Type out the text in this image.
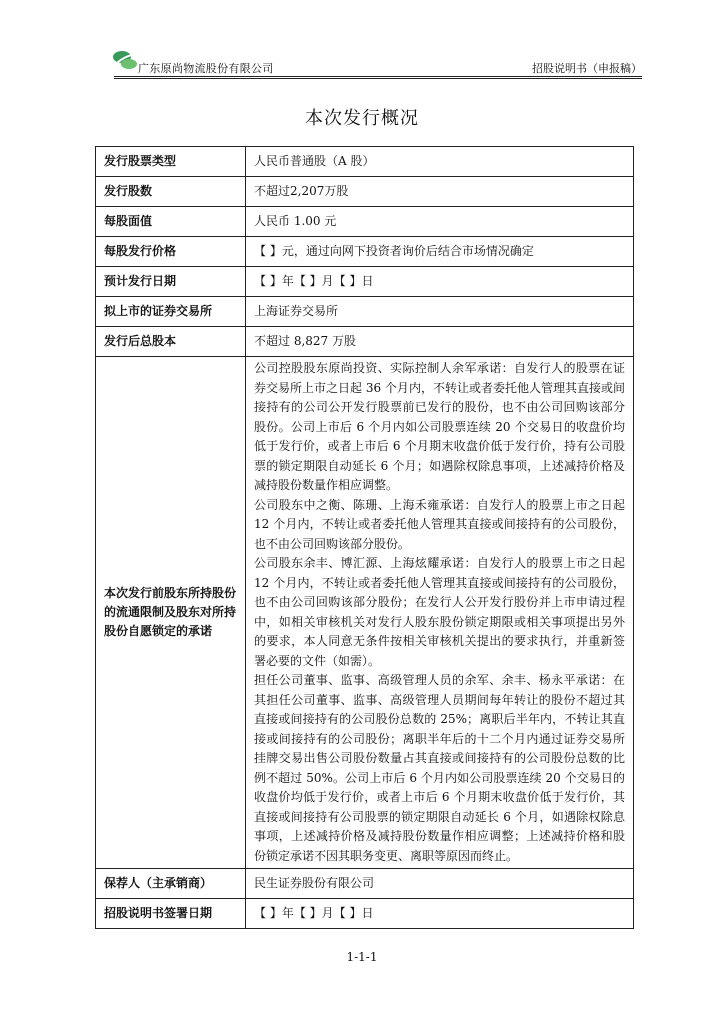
广东原尚物流股份有限公司	招股说明书（申报稿）
本次发行概况
发行股票类型	人民币普通股（A 股）
发行股数	不超过2,207万股
每股面值	人民币 1.00 元
每股发行价格	【 】元，通过向网下投资者询价后结合市场情况确定
预计发行日期	【 】年【 】月【 】日
拟上市的证券交易所	上海证券交易所
发行后总股本	不超过 8,827 万股
本次发行前股东所持股份的流通限制及股东对所持股份自愿锁定的承诺	公司控股股东原尚投资、实际控制人余军承诺：自发行人的股票在证券交易所上市之日起 36 个月内，不转让或者委托他人管理其直接或间接持有的公司公开发行股票前已发行的股份，也不由公司回购该部分股份。公司上市后 6 个月内如公司股票连续 20 个交易日的收盘价均低于发行价，或者上市后 6 个月期末收盘价低于发行价，持有公司股票的锁定期限自动延长 6 个月；如遇除权除息事项，上述减持价格及减持股份数量作相应调整。

公司股东中之衡、陈珊、上海禾雍承诺：自发行人的股票上市之日起 12 个月内，不转让或者委托他人管理其直接或间接持有的公司股份，也不由公司回购该部分股份。

公司股东余丰、博汇源、上海炫耀承诺：自发行人的股票上市之日起 12 个月内，不转让或者委托他人管理其直接或间接持有的公司股份，也不由公司回购该部分股份；在发行人公开发行股份并上市申请过程中，如相关审核机关对发行人股东股份锁定期限或相关事项提出另外的要求，本人同意无条件按相关审核机关提出的要求执行，并重新签署必要的文件（如需）。

担任公司董事、监事、高级管理人员的余军、余丰、杨永平承诺：在其担任公司董事、监事、高级管理人员期间每年转让的股份不超过其直接或间接持有的公司股份总数的 25%；离职后半年内，不转让其直接或间接持有的公司股份；离职半年后的十二个月内通过证券交易所挂牌交易出售公司股份数量占其直接或间接持有的公司股份总数的比例不超过 50%。公司上市后 6 个月内如公司股票连续 20 个交易日的收盘价均低于发行价，或者上市后 6 个月期末收盘价低于发行价，其直接或间接持有公司股票的锁定期限自动延长 6 个月，如遇除权除息事项，上述减持价格及减持股份数量作相应调整；上述减持价格和股份锁定承诺不因其职务变更、离职等原因而终止。

保荐人（主承销商）	民生证券股份有限公司
招股说明书签署日期	【 】年【 】月【 】日
1-1-1
